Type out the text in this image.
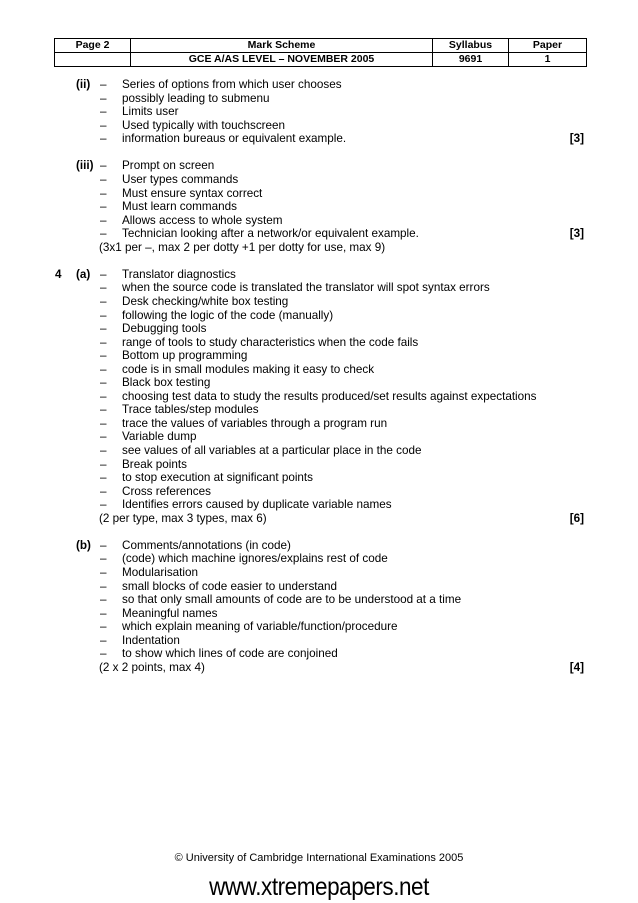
Page 2	Mark Scheme	Syllabus	Paper
	GCE A/AS LEVEL – NOVEMBER 2005	9691	1
(ii) – Series of options from which user chooses
– possibly leading to submenu
– Limits user
– Used typically with touchscreen
– information bureaus or equivalent example.	[3]
(iii) – Prompt on screen
– User types commands
– Must ensure syntax correct
– Must learn commands
– Allows access to whole system
– Technician looking after a network/or equivalent example.	[3]
(3x1 per –, max 2 per dotty +1 per dotty for use, max 9)
4 (a) – Translator diagnostics
– when the source code is translated the translator will spot syntax errors
– Desk checking/white box testing
– following the logic of the code (manually)
– Debugging tools
– range of tools to study characteristics when the code fails
– Bottom up programming
– code is in small modules making it easy to check
– Black box testing
– choosing test data to study the results produced/set results against expectations
– Trace tables/step modules
– trace the values of variables through a program run
– Variable dump
– see values of all variables at a particular place in the code
– Break points
– to stop execution at significant points
– Cross references
– Identifies errors caused by duplicate variable names
(2 per type, max 3 types, max 6)	[6]
(b) – Comments/annotations (in code)
– (code) which machine ignores/explains rest of code
– Modularisation
– small blocks of code easier to understand
– so that only small amounts of code are to be understood at a time
– Meaningful names
– which explain meaning of variable/function/procedure
– Indentation
– to show which lines of code are conjoined
(2 x 2 points, max 4)	[4]
© University of Cambridge International Examinations 2005
www.xtremepapers.net
